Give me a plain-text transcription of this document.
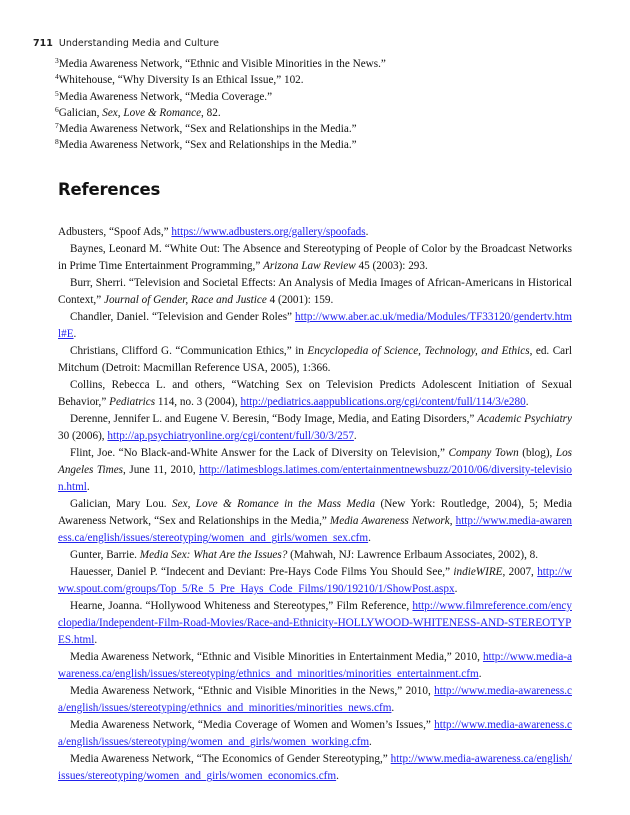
711 Understanding Media and Culture
$^3$Media Awareness Network, “Ethnic and Visible Minorities in the News.”
$^4$Whitehouse, “Why Diversity Is an Ethical Issue,” 102.
$^5$Media Awareness Network, “Media Coverage.”
$^6$Galician, Sex, Love & Romance, 82.
$^7$Media Awareness Network, “Sex and Relationships in the Media.”
$^8$Media Awareness Network, “Sex and Relationships in the Media.”
References

Adbusters, “Spoof Ads,” https://www.adbusters.org/gallery/spoofads.

Baynes, Leonard M. “White Out: The Absence and Stereotyping of People of Color by the Broadcast Networks in Prime Time Entertainment Programming,” Arizona Law Review 45 (2003): 293.

Burr, Sherri. “Television and Societal Effects: An Analysis of Media Images of African-Americans in Historical Context,” Journal of Gender, Race and Justice 4 (2001): 159.

Chandler, Daniel. “Television and Gender Roles” http://www.aber.ac.uk/media/Modules/TF33120/gendertv.html#E.

Christians, Clifford G. “Communication Ethics,” in Encyclopedia of Science, Technology, and Ethics, ed. Carl Mitchum (Detroit: Macmillan Reference USA, 2005), 1:366.

Collins, Rebecca L. and others, “Watching Sex on Television Predicts Adolescent Initiation of Sexual Behavior,” Pediatrics 114, no. 3 (2004), http://pediatrics.aappublications.org/cgi/content/full/114/3/e280.

Derenne, Jennifer L. and Eugene V. Beresin, “Body Image, Media, and Eating Disorders,” Academic Psychiatry 30 (2006), http://ap.psychiatryonline.org/cgi/content/full/30/3/257.

Flint, Joe. “No Black-and-White Answer for the Lack of Diversity on Television,” Company Town (blog), Los Angeles Times, June 11, 2010, http://latimesblogs.latimes.com/entertainmentnewsbuzz/2010/06/diversity-television.html.

Galician, Mary Lou. Sex, Love & Romance in the Mass Media (New York: Routledge, 2004), 5; Media Awareness Network, “Sex and Relationships in the Media,” Media Awareness Network, http://www.media-awareness.ca/english/issues/stereotyping/women_and_girls/women_sex.cfm.

Gunter, Barrie. Media Sex: What Are the Issues? (Mahwah, NJ: Lawrence Erlbaum Associates, 2002), 8.

Hauesser, Daniel P. “Indecent and Deviant: Pre-Hays Code Films You Should See,” indieWIRE, 2007, http://www.spout.com/groups/Top_5/Re_5_Pre_Hays_Code_Films/190/19210/1/ShowPost.aspx.

Hearne, Joanna. “Hollywood Whiteness and Stereotypes,” Film Reference, http://www.filmreference.com/encyclopedia/Independent-Film-Road-Movies/Race-and-Ethnicity-HOLLYWOOD-WHITENESS-AND-STEREOTYPES.html.

Media Awareness Network, “Ethnic and Visible Minorities in Entertainment Media,” 2010, http://www.media-awareness.ca/english/issues/stereotyping/ethnics_and_minorities/minorities_entertainment.cfm.

Media Awareness Network, “Ethnic and Visible Minorities in the News,” 2010, http://www.media-awareness.ca/english/issues/stereotyping/ethnics_and_minorities/minorities_news.cfm.

Media Awareness Network, “Media Coverage of Women and Women’s Issues,” http://www.media-awareness.ca/english/issues/stereotyping/women_and_girls/women_working.cfm.

Media Awareness Network, “The Economics of Gender Stereotyping,” http://www.media-awareness.ca/english/issues/stereotyping/women_and_girls/women_economics.cfm.
